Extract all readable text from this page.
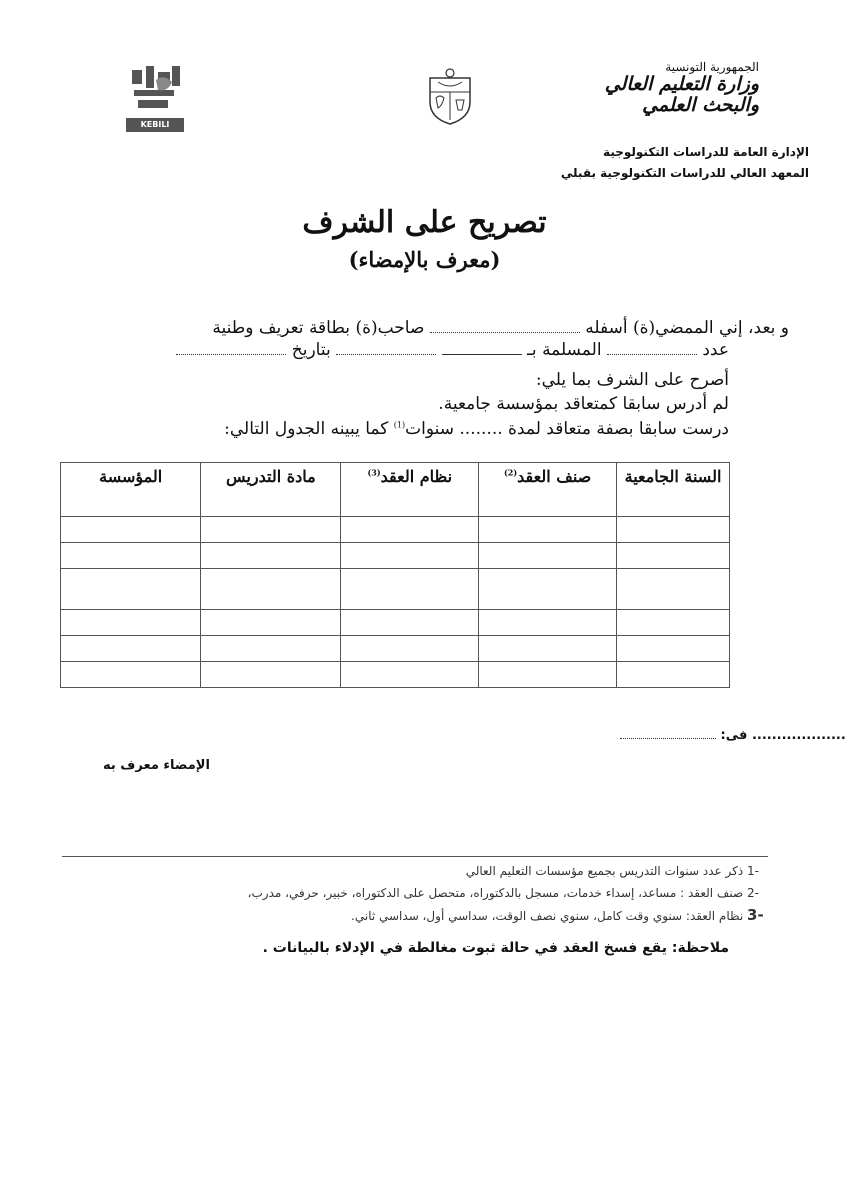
الجمهورية التونسية
وزارة التعليم العالي
والبحث العلمي
KEBILI
الإدارة العامة للدراسات التكنولوجية
المعهد العالي للدراسات التكنولوجية بقبلي
تصريح على الشرف
(معرف بالإمضاء)
و بعد، إني الممضي(ة) أسفله  صاحب(ة) بطاقة تعريف وطنية
عدد  المسلمة بـ   بتاريخ
أصرح على الشرف بما يلي:
لم أدرس سابقا كمتعاقد بمؤسسة جامعية.
درست سابقا بصفة متعاقد لمدة ........ سنوات$^{(1)}$ كما يبينه الجدول التالي:
السنة الجامعية	صنف العقد$^{(2)}$	نظام العقد$^{(3)}$	مادة التدريس	المؤسسة

................... فى:
الإمضاء معرف به
-1 ذكر عدد سنوات التدريس بجميع مؤسسات التعليم العالي
-2 صنف العقد : مساعد، إسداء خدمات، مسجل بالدكتوراه، متحصل على الدكتوراه، خبير، حرفي، مدرب،
-3 نظام العقد: سنوي وقت كامل، سنوي نصف الوقت، سداسي أول، سداسي ثاني.
ملاحظة: يقع فسخ العقد في حالة ثبوت مغالطة في الإدلاء بالبيانات .
